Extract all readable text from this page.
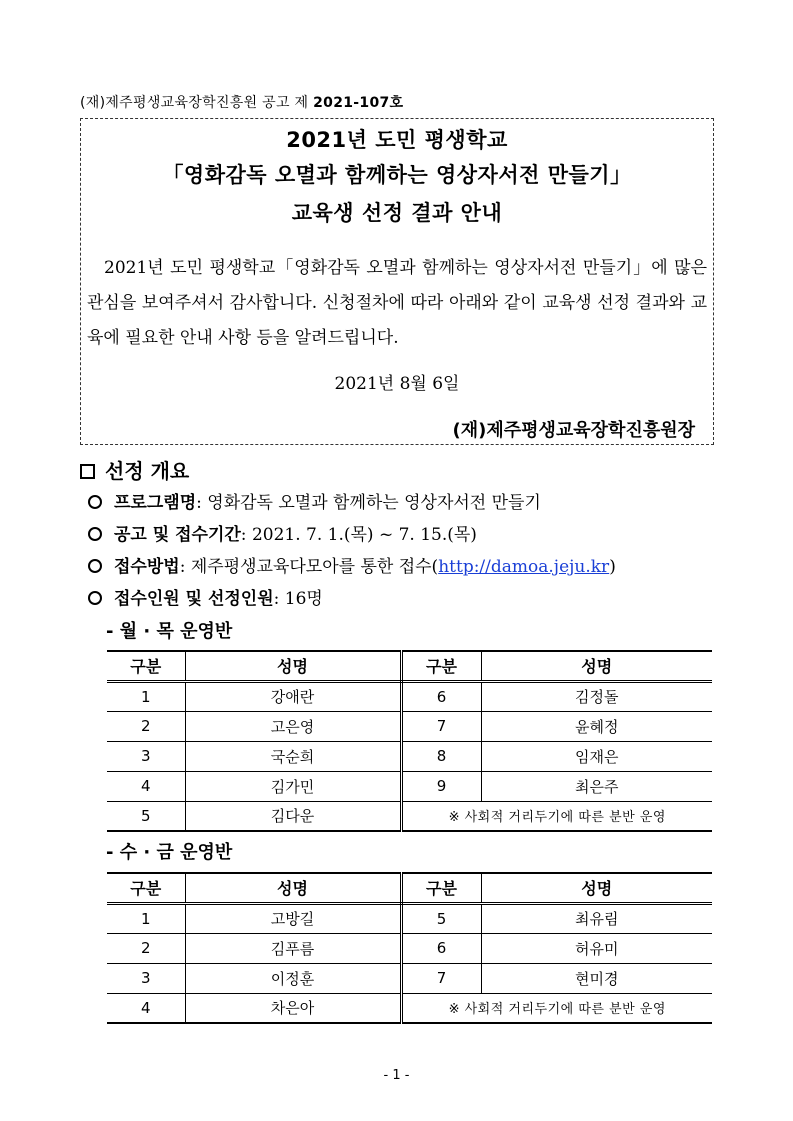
(재)제주평생교육장학진흥원 공고 제 2021-107호
2021년 도민 평생학교
「영화감독 오멸과 함께하는 영상자서전 만들기」
교육생 선정 결과 안내

2021년 도민 평생학교「영화감독 오멸과 함께하는 영상자서전 만들기」에 많은 관심을 보여주셔서 감사합니다. 신청절차에 따라 아래와 같이 교육생 선정 결과와 교육에 필요한 안내 사항 등을 알려드립니다.

2021년 8월 6일
(재)제주평생교육장학진흥원장
선정 개요
프로그램명: 영화감독 오멸과 함께하는 영상자서전 만들기
공고 및 접수기간: 2021. 7. 1.(목) ~ 7. 15.(목)
접수방법: 제주평생교육다모아를 통한 접수(http://damoa.jeju.kr)
접수인원 및 선정인원: 16명
- 월 · 목 운영반
구분	성명	구분	성명
1	강애란	6	김정돌
2	고은영	7	윤혜정
3	국순희	8	임재은
4	김가민	9	최은주
5	김다운	※ 사회적 거리두기에 따른 분반 운영	
- 수 · 금 운영반
구분	성명	구분	성명
1	고방길	5	최유림
2	김푸름	6	허유미
3	이정훈	7	현미경
4	차은아	※ 사회적 거리두기에 따른 분반 운영	
- 1 -
